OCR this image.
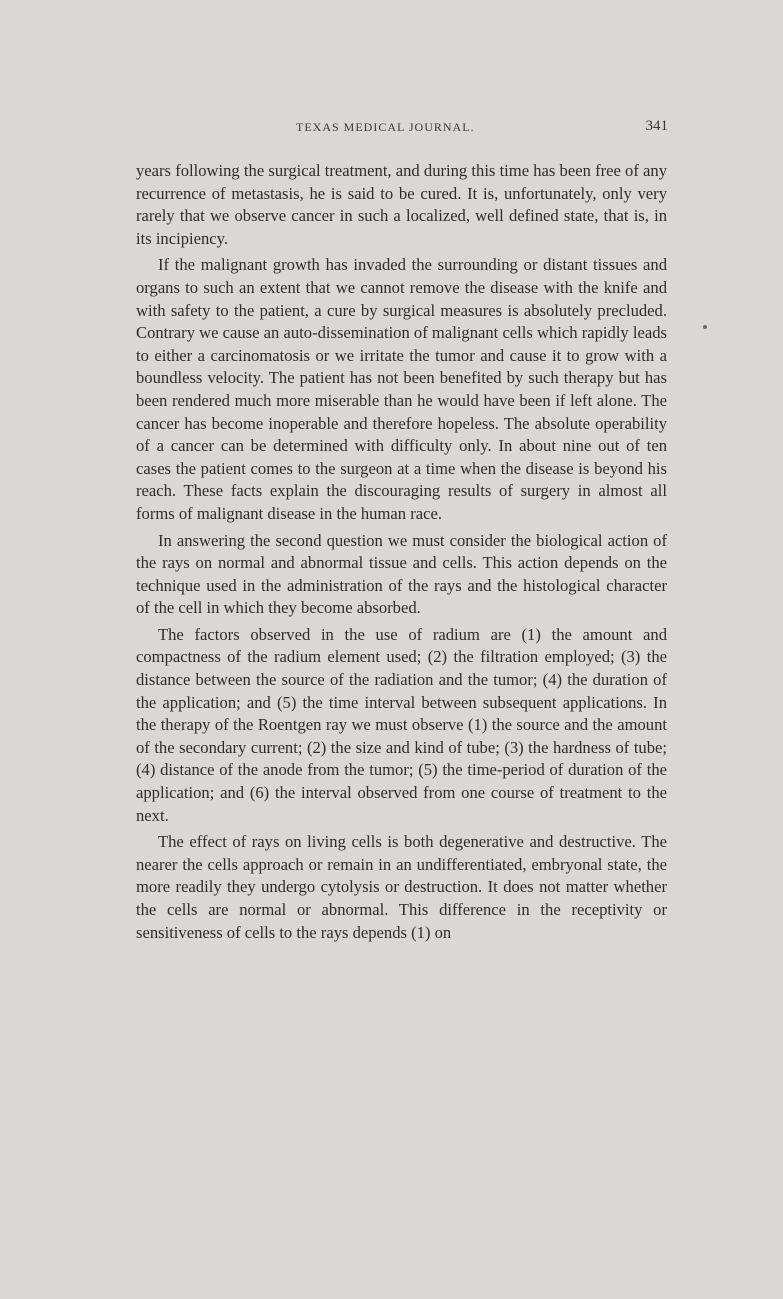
TEXAS MEDICAL JOURNAL.	341

years following the surgical treatment, and during this time has been free of any recurrence of metastasis, he is said to be cured. It is, unfortunately, only very rarely that we observe cancer in such a localized, well defined state, that is, in its incipiency.

If the malignant growth has invaded the surrounding or distant tissues and organs to such an extent that we cannot remove the disease with the knife and with safety to the patient, a cure by surgical measures is absolutely precluded. Contrary we cause an auto-dissemination of malignant cells which rapidly leads to either a carcinomatosis or we irritate the tumor and cause it to grow with a boundless velocity. The patient has not been benefited by such therapy but has been rendered much more miserable than he would have been if left alone. The cancer has become inoperable and therefore hopeless. The absolute operability of a cancer can be determined with difficulty only. In about nine out of ten cases the patient comes to the surgeon at a time when the disease is beyond his reach. These facts explain the discouraging results of surgery in almost all forms of malignant disease in the human race.

In answering the second question we must consider the biological action of the rays on normal and abnormal tissue and cells. This action depends on the technique used in the administration of the rays and the histological character of the cell in which they become absorbed.

The factors observed in the use of radium are (1) the amount and compactness of the radium element used; (2) the filtration employed; (3) the distance between the source of the radiation and the tumor; (4) the duration of the application; and (5) the time interval between subsequent applications. In the therapy of the Roentgen ray we must observe (1) the source and the amount of the secondary current; (2) the size and kind of tube; (3) the hardness of tube; (4) distance of the anode from the tumor; (5) the time-period of duration of the application; and (6) the interval observed from one course of treatment to the next.

The effect of rays on living cells is both degenerative and destructive. The nearer the cells approach or remain in an undifferentiated, embryonal state, the more readily they undergo cytolysis or destruction. It does not matter whether the cells are normal or abnormal. This difference in the receptivity or sensitiveness of cells to the rays depends (1) on
